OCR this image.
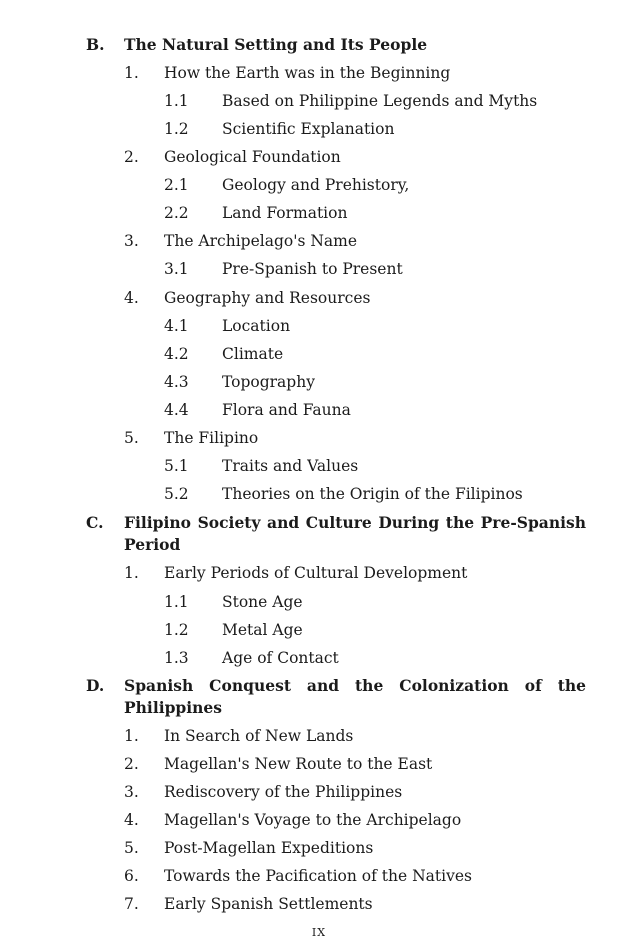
B. The Natural Setting and Its People
1. How the Earth was in the Beginning
1.1 Based on Philippine Legends and Myths
1.2 Scientific Explanation
2. Geological Foundation
2.1 Geology and Prehistory,
2.2 Land Formation
3. The Archipelago's Name
3.1 Pre-Spanish to Present
4. Geography and Resources
4.1 Location
4.2 Climate
4.3 Topography
4.4 Flora and Fauna
5. The Filipino
5.1 Traits and Values
5.2 Theories on the Origin of the Filipinos
C. Filipino Society and Culture During the Pre-Spanish Period
1. Early Periods of Cultural Development
1.1 Stone Age
1.2 Metal Age
1.3 Age of Contact
D. Spanish Conquest and the Colonization of the Philippines
1. In Search of New Lands
2. Magellan's New Route to the East
3. Rediscovery of the Philippines
4. Magellan's Voyage to the Archipelago
5. Post-Magellan Expeditions
6. Towards the Pacification of the Natives
7. Early Spanish Settlements
IX
